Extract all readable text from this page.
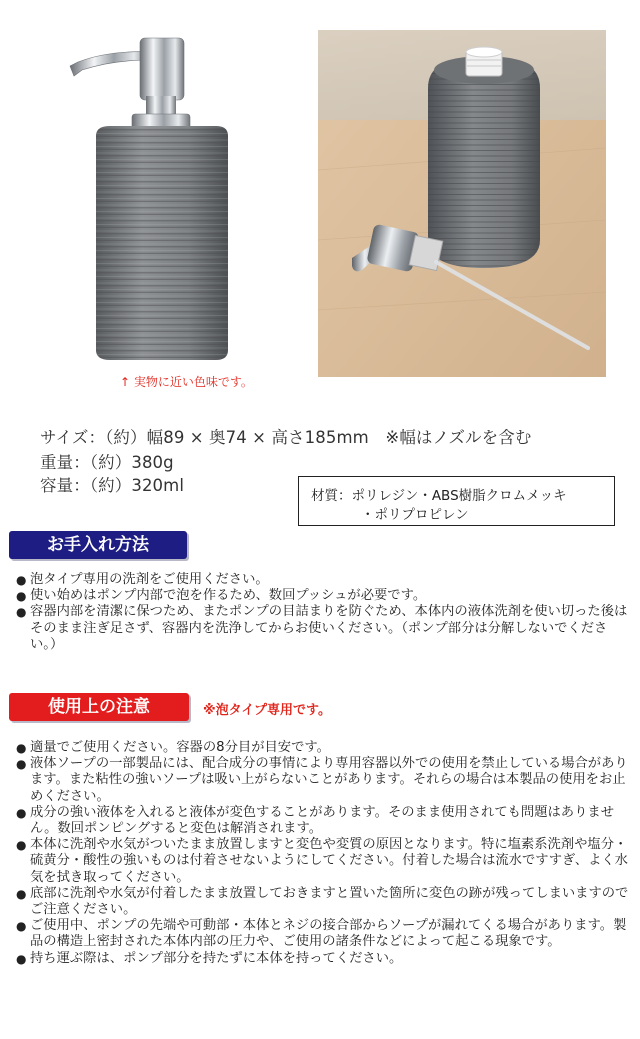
↑ 実物に近い色味です。
サイズ：（約）幅89 × 奥74 × 高さ185mm　※幅はノズルを含む
重量：（約）380g
容量：（約）320ml
材質：ポリレジン・ABS樹脂クロムメッキ
・ポリプロピレン
お手入れ方法
● 泡タイプ専用の洗剤をご使用ください。
● 使い始めはポンプ内部で泡を作るため、数回プッシュが必要です。
● 容器内部を清潔に保つため、またポンプの目詰まりを防ぐため、本体内の液体洗剤を使い切った後はそのまま注ぎ足さず、容器内を洗浄してからお使いください。（ポンプ部分は分解しないでください。）
使用上の注意	※泡タイプ専用です。
● 適量でご使用ください。容器の8分目が目安です。
● 液体ソープの一部製品には、配合成分の事情により専用容器以外での使用を禁止している場合があります。また粘性の強いソープは吸い上がらないことがあります。それらの場合は本製品の使用をお止めください。
● 成分の強い液体を入れると液体が変色することがあります。そのまま使用されても問題はありません。数回ポンピングすると変色は解消されます。
● 本体に洗剤や水気がついたまま放置しますと変色や変質の原因となります。特に塩素系洗剤や塩分・硫黄分・酸性の強いものは付着させないようにしてください。付着した場合は流水ですすぎ、よく水気を拭き取ってください。
● 底部に洗剤や水気が付着したまま放置しておきますと置いた箇所に変色の跡が残ってしまいますのでご注意ください。
● ご使用中、ポンプの先端や可動部・本体とネジの接合部からソープが漏れてくる場合があります。製品の構造上密封された本体内部の圧力や、ご使用の諸条件などによって起こる現象です。
● 持ち運ぶ際は、ポンプ部分を持たずに本体を持ってください。
